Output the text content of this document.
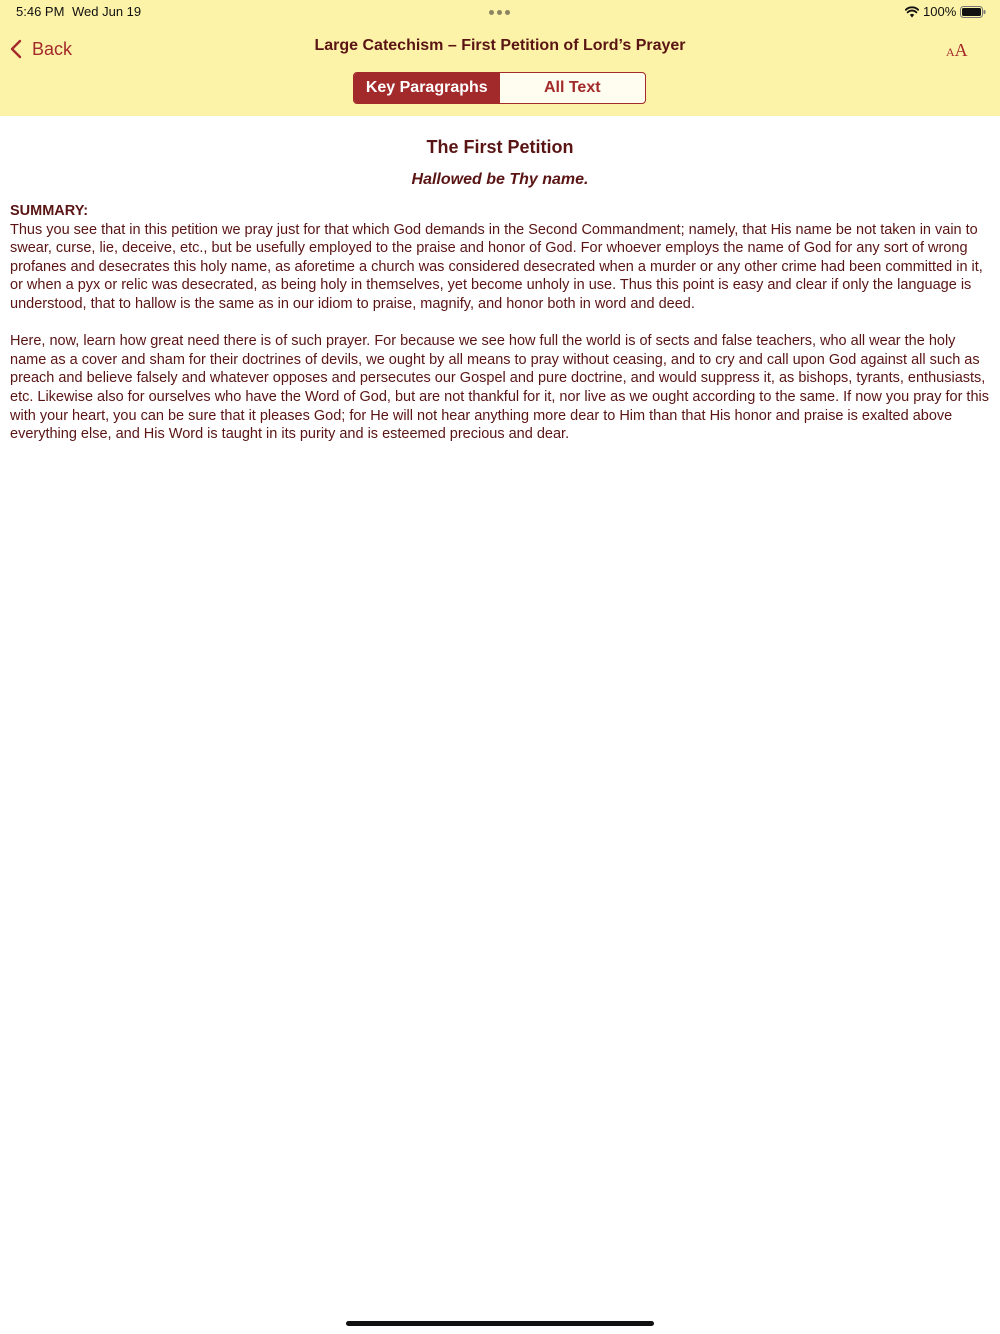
5:46 PM Wed Jun 19	100%
Back	Large Catechism – First Petition of Lord’s Prayer	AA
Key Paragraphs	All Text
The First Petition
Hallowed be Thy name.
SUMMARY:

Thus you see that in this petition we pray just for that which God demands in the Second Commandment; namely, that His name be not taken in vain to swear, curse, lie, deceive, etc., but be usefully employed to the praise and honor of God. For whoever employs the name of God for any sort of wrong profanes and desecrates this holy name, as aforetime a church was considered desecrated when a murder or any other crime had been committed in it, or when a pyx or relic was desecrated, as being holy in themselves, yet become unholy in use. Thus this point is easy and clear if only the language is understood, that to hallow is the same as in our idiom to praise, magnify, and honor both in word and deed.

Here, now, learn how great need there is of such prayer. For because we see how full the world is of sects and false teachers, who all wear the holy name as a cover and sham for their doctrines of devils, we ought by all means to pray without ceasing, and to cry and call upon God against all such as preach and believe falsely and whatever opposes and persecutes our Gospel and pure doctrine, and would suppress it, as bishops, tyrants, enthusiasts, etc. Likewise also for ourselves who have the Word of God, but are not thankful for it, nor live as we ought according to the same. If now you pray for this with your heart, you can be sure that it pleases God; for He will not hear anything more dear to Him than that His honor and praise is exalted above everything else, and His Word is taught in its purity and is esteemed precious and dear.
